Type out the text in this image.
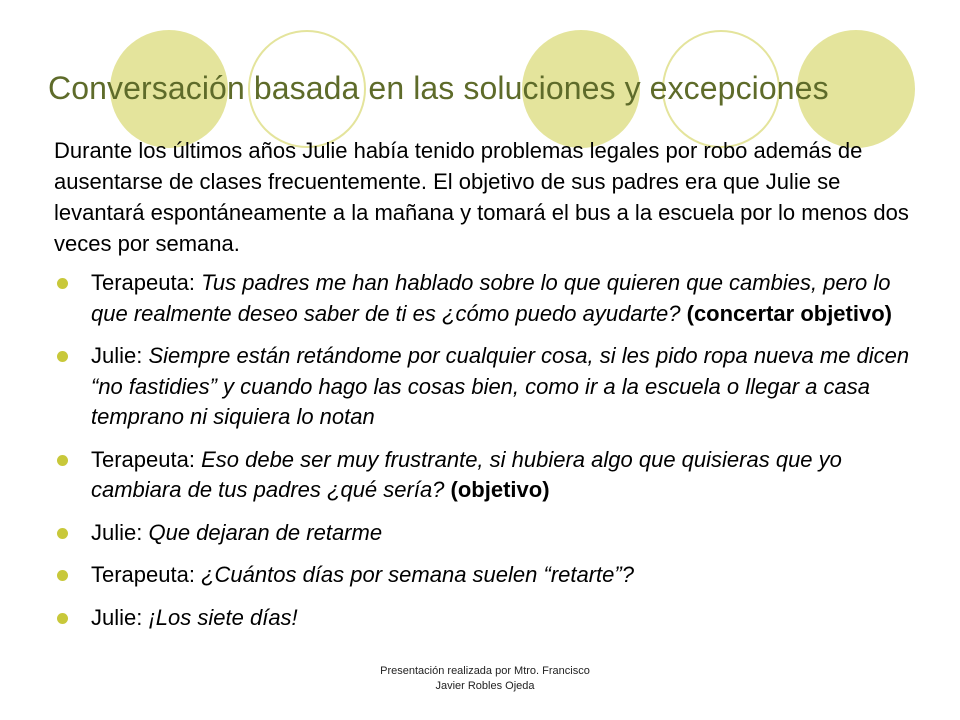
Conversación basada en las soluciones y excepciones

Durante los últimos años Julie había tenido problemas legales por robo además de ausentarse de clases frecuentemente. El objetivo de sus padres era que Julie se levantará espontáneamente a la mañana y tomará el bus a la escuela por lo menos dos veces por semana.

Terapeuta: Tus padres me han hablado sobre lo que quieren que cambies, pero lo que realmente deseo saber de ti es ¿cómo puedo ayudarte? (concertar objetivo)
Julie: Siempre están retándome por cualquier cosa, si les pido ropa nueva me dicen “no fastidies” y cuando hago las cosas bien, como ir a la escuela o llegar a casa temprano ni siquiera lo notan
Terapeuta: Eso debe ser muy frustrante, si hubiera algo que quisieras que yo cambiara de tus padres ¿qué sería? (objetivo)
Julie: Que dejaran de retarme
Terapeuta: ¿Cuántos días por semana suelen “retarte”?
Julie: ¡Los siete días!
Presentación realizada por Mtro. Francisco
Javier Robles Ojeda
